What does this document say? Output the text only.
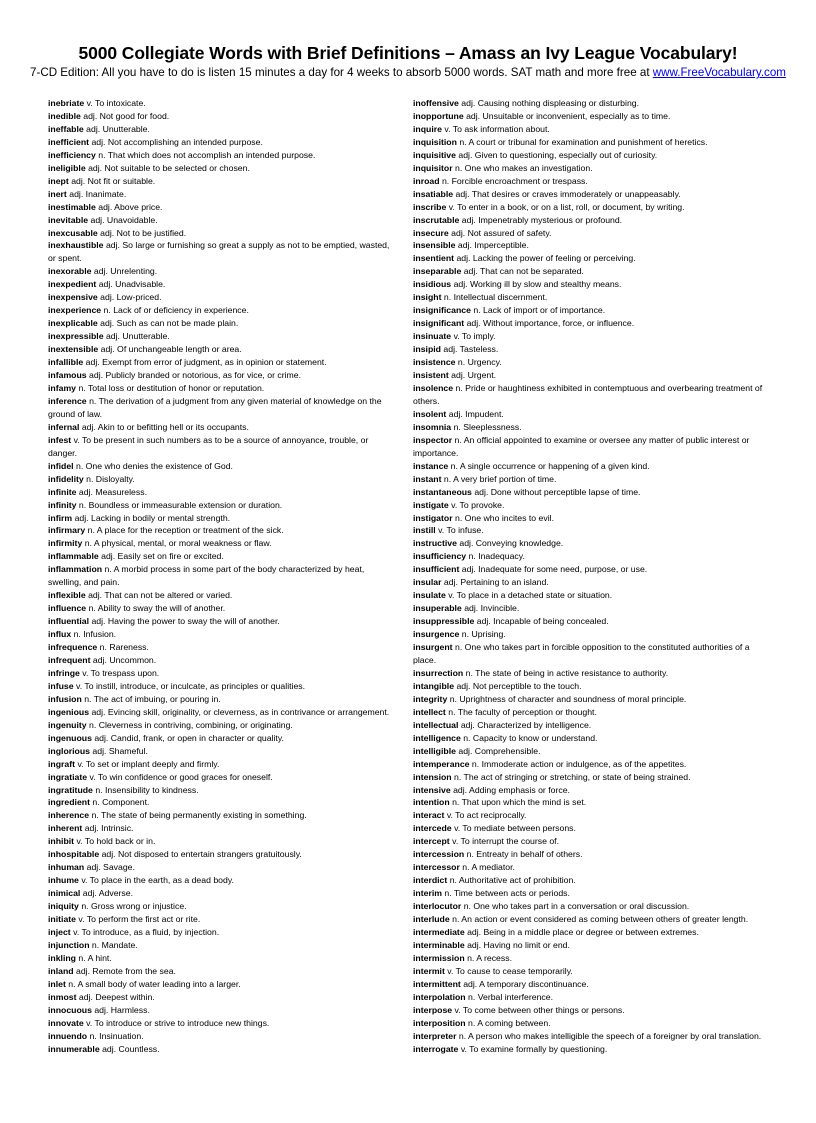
5000 Collegiate Words with Brief Definitions – Amass an Ivy League Vocabulary!
7-CD Edition: All you have to do is listen 15 minutes a day for 4 weeks to absorb 5000 words. SAT math and more free at www.FreeVocabulary.com
inebriate v. To intoxicate.
inedible adj. Not good for food.
ineffable adj. Unutterable.
inefficient adj. Not accomplishing an intended purpose.
inefficiency n. That which does not accomplish an intended purpose.
ineligible adj. Not suitable to be selected or chosen.
inept adj. Not fit or suitable.
inert adj. Inanimate.
inestimable adj. Above price.
inevitable adj. Unavoidable.
inexcusable adj. Not to be justified.
inexhaustible adj. So large or furnishing so great a supply as not to be emptied, wasted, or spent.
inexorable adj. Unrelenting.
inexpedient adj. Unadvisable.
inexpensive adj. Low-priced.
inexperience n. Lack of or deficiency in experience.
inexplicable adj. Such as can not be made plain.
inexpressible adj. Unutterable.
inextensible adj. Of unchangeable length or area.
infallible adj. Exempt from error of judgment, as in opinion or statement.
infamous adj. Publicly branded or notorious, as for vice, or crime.
infamy n. Total loss or destitution of honor or reputation.
inference n. The derivation of a judgment from any given material of knowledge on the ground of law.
infernal adj. Akin to or befitting hell or its occupants.
infest v. To be present in such numbers as to be a source of annoyance, trouble, or danger.
infidel n. One who denies the existence of God.
infidelity n. Disloyalty.
infinite adj. Measureless.
infinity n. Boundless or immeasurable extension or duration.
infirm adj. Lacking in bodily or mental strength.
infirmary n. A place for the reception or treatment of the sick.
infirmity n. A physical, mental, or moral weakness or flaw.
inflammable adj. Easily set on fire or excited.
inflammation n. A morbid process in some part of the body characterized by heat, swelling, and pain.
inflexible adj. That can not be altered or varied.
influence n. Ability to sway the will of another.
influential adj. Having the power to sway the will of another.
influx n. Infusion.
infrequence n. Rareness.
infrequent adj. Uncommon.
infringe v. To trespass upon.
infuse v. To instill, introduce, or inculcate, as principles or qualities.
infusion n. The act of imbuing, or pouring in.
ingenious adj. Evincing skill, originality, or cleverness, as in contrivance or arrangement.
ingenuity n. Cleverness in contriving, combining, or originating.
ingenuous adj. Candid, frank, or open in character or quality.
inglorious adj. Shameful.
ingraft v. To set or implant deeply and firmly.
ingratiate v. To win confidence or good graces for oneself.
ingratitude n. Insensibility to kindness.
ingredient n. Component.
inherence n. The state of being permanently existing in something.
inherent adj. Intrinsic.
inhibit v. To hold back or in.
inhospitable adj. Not disposed to entertain strangers gratuitously.
inhuman adj. Savage.
inhume v. To place in the earth, as a dead body.
inimical adj. Adverse.
iniquity n. Gross wrong or injustice.
initiate v. To perform the first act or rite.
inject v. To introduce, as a fluid, by injection.
injunction n. Mandate.
inkling n. A hint.
inland adj. Remote from the sea.
inlet n. A small body of water leading into a larger.
inmost adj. Deepest within.
innocuous adj. Harmless.
innovate v. To introduce or strive to introduce new things.
innuendo n. Insinuation.
innumerable adj. Countless.
inoffensive adj. Causing nothing displeasing or disturbing.
inopportune adj. Unsuitable or inconvenient, especially as to time.
inquire v. To ask information about.
inquisition n. A court or tribunal for examination and punishment of heretics.
inquisitive adj. Given to questioning, especially out of curiosity.
inquisitor n. One who makes an investigation.
inroad n. Forcible encroachment or trespass.
insatiable adj. That desires or craves immoderately or unappeasably.
inscribe v. To enter in a book, or on a list, roll, or document, by writing.
inscrutable adj. Impenetrably mysterious or profound.
insecure adj. Not assured of safety.
insensible adj. Imperceptible.
insentient adj. Lacking the power of feeling or perceiving.
inseparable adj. That can not be separated.
insidious adj. Working ill by slow and stealthy means.
insight n. Intellectual discernment.
insignificance n. Lack of import or of importance.
insignificant adj. Without importance, force, or influence.
insinuate v. To imply.
insipid adj. Tasteless.
insistence n. Urgency.
insistent adj. Urgent.
insolence n. Pride or haughtiness exhibited in contemptuous and overbearing treatment of others.
insolent adj. Impudent.
insomnia n. Sleeplessness.
inspector n. An official appointed to examine or oversee any matter of public interest or importance.
instance n. A single occurrence or happening of a given kind.
instant n. A very brief portion of time.
instantaneous adj. Done without perceptible lapse of time.
instigate v. To provoke.
instigator n. One who incites to evil.
instill v. To infuse.
instructive adj. Conveying knowledge.
insufficiency n. Inadequacy.
insufficient adj. Inadequate for some need, purpose, or use.
insular adj. Pertaining to an island.
insulate v. To place in a detached state or situation.
insuperable adj. Invincible.
insuppressible adj. Incapable of being concealed.
insurgence n. Uprising.
insurgent n. One who takes part in forcible opposition to the constituted authorities of a place.
insurrection n. The state of being in active resistance to authority.
intangible adj. Not perceptible to the touch.
integrity n. Uprightness of character and soundness of moral principle.
intellect n. The faculty of perception or thought.
intellectual adj. Characterized by intelligence.
intelligence n. Capacity to know or understand.
intelligible adj. Comprehensible.
intemperance n. Immoderate action or indulgence, as of the appetites.
intension n. The act of stringing or stretching, or state of being strained.
intensive adj. Adding emphasis or force.
intention n. That upon which the mind is set.
interact v. To act reciprocally.
intercede v. To mediate between persons.
intercept v. To interrupt the course of.
intercession n. Entreaty in behalf of others.
intercessor n. A mediator.
interdict n. Authoritative act of prohibition.
interim n. Time between acts or periods.
interlocutor n. One who takes part in a conversation or oral discussion.
interlude n. An action or event considered as coming between others of greater length.
intermediate adj. Being in a middle place or degree or between extremes.
interminable adj. Having no limit or end.
intermission n. A recess.
intermit v. To cause to cease temporarily.
intermittent adj. A temporary discontinuance.
interpolation n. Verbal interference.
interpose v. To come between other things or persons.
interposition n. A coming between.
interpreter n. A person who makes intelligible the speech of a foreigner by oral translation.
interrogate v. To examine formally by questioning.
